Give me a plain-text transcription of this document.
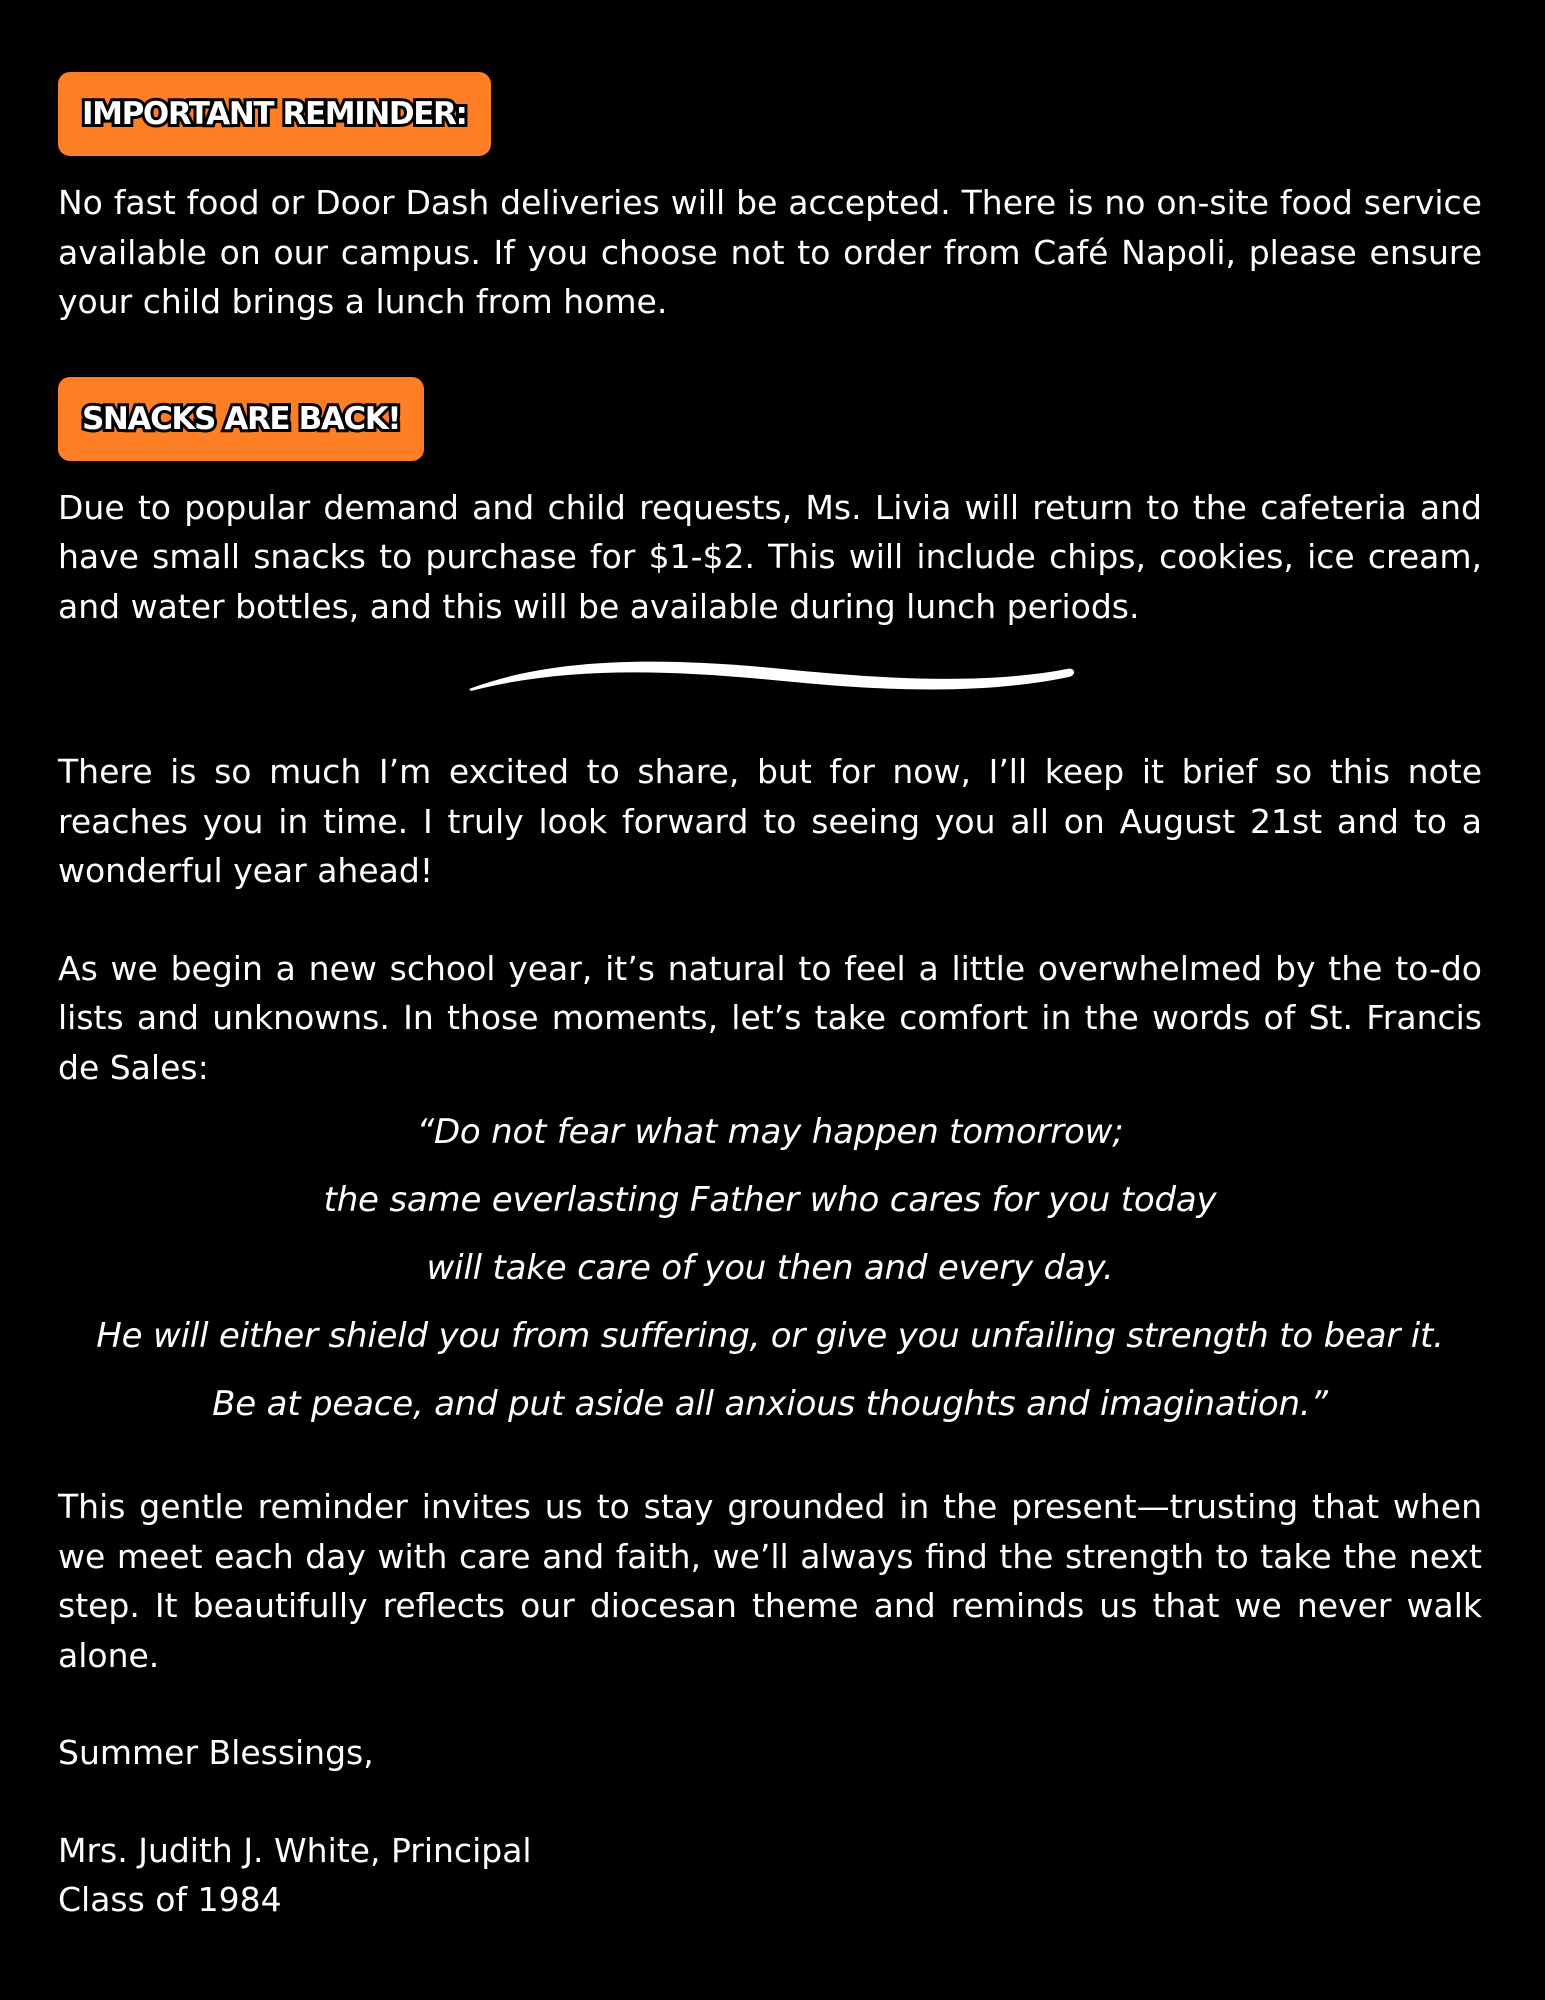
IMPORTANT REMINDER:

No fast food or Door Dash deliveries will be accepted. There is no on-site food service available on our campus. If you choose not to order from Café Napoli, please ensure your child brings a lunch from home.

SNACKS ARE BACK!

Due to popular demand and child requests, Ms. Livia will return to the cafeteria and have small snacks to purchase for $1-$2. This will include chips, cookies, ice cream, and water bottles, and this will be available during lunch periods.

There is so much I’m excited to share, but for now, I’ll keep it brief so this note reaches you in time. I truly look forward to seeing you all on August 21st and to a wonderful year ahead!

As we begin a new school year, it’s natural to feel a little overwhelmed by the to-do lists and unknowns. In those moments, let’s take comfort in the words of St. Francis de Sales:

“Do not fear what may happen tomorrow;

the same everlasting Father who cares for you today

will take care of you then and every day.

He will either shield you from suffering, or give you unfailing strength to bear it.

Be at peace, and put aside all anxious thoughts and imagination.”

This gentle reminder invites us to stay grounded in the present—trusting that when we meet each day with care and faith, we’ll always find the strength to take the next step. It beautifully reflects our diocesan theme and reminds us that we never walk alone.

Summer Blessings,

Mrs. Judith J. White, Principal

Class of 1984
